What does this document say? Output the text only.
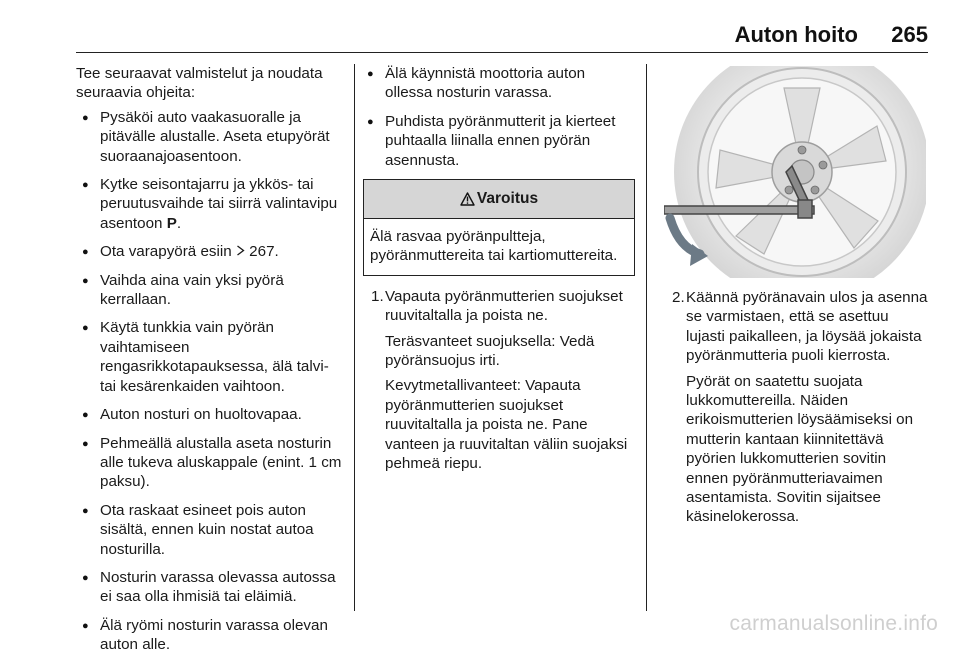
Auton hoito 265

Tee seuraavat valmistelut ja noudata seuraavia ohjeita:

● Pysäköi auto vaakasuoralle ja pitävälle alustalle. Aseta etupyörät suoraanajoasentoon.
● Kytke seisontajarru ja ykkös- tai peruutusvaihde tai siirrä valintavipu asentoon P.
● Ota varapyörä esiin 267.
● Vaihda aina vain yksi pyörä kerrallaan.
● Käytä tunkkia vain pyörän vaihtamiseen rengasrikkotapauksessa, älä talvi- tai kesärenkaiden vaihtoon.
● Auton nosturi on huoltovapaa.
● Pehmeällä alustalla aseta nosturin alle tukeva aluskappale (enint. 1 cm paksu).
● Ota raskaat esineet pois auton sisältä, ennen kuin nostat autoa nosturilla.
● Nosturin varassa olevassa autossa ei saa olla ihmisiä tai eläimiä.
● Älä ryömi nosturin varassa olevan auton alle.
● Älä käynnistä moottoria auton ollessa nosturin varassa.
● Puhdista pyöränmutterit ja kierteet puhtaalla liinalla ennen pyörän asennusta.
Varoitus
Älä rasvaa pyöränpultteja, pyöränmuttereita tai kartiomuttereita.
1. Vapauta pyöränmutterien suojukset ruuvitaltalla ja poista ne.

Teräsvanteet suojuksella: Vedä pyöränsuojus irti.

Kevytmetallivanteet: Vapauta pyöränmutterien suojukset ruuvitaltalla ja poista ne. Pane vanteen ja ruuvitaltan väliin suojaksi pehmeä riepu.

2. Käännä pyöränavain ulos ja asenna se varmistaen, että se asettuu lujasti paikalleen, ja löysää jokaista pyöränmutteria puoli kierrosta.

Pyörät on saatettu suojata lukkomuttereilla. Näiden erikoismutterien löysäämiseksi on mutterin kantaan kiinnitettävä pyörien lukkomutterien sovitin ennen pyöränmutteriavaimen asentamista. Sovitin sijaitsee käsinelokerossa.

carmanualsonline.info
